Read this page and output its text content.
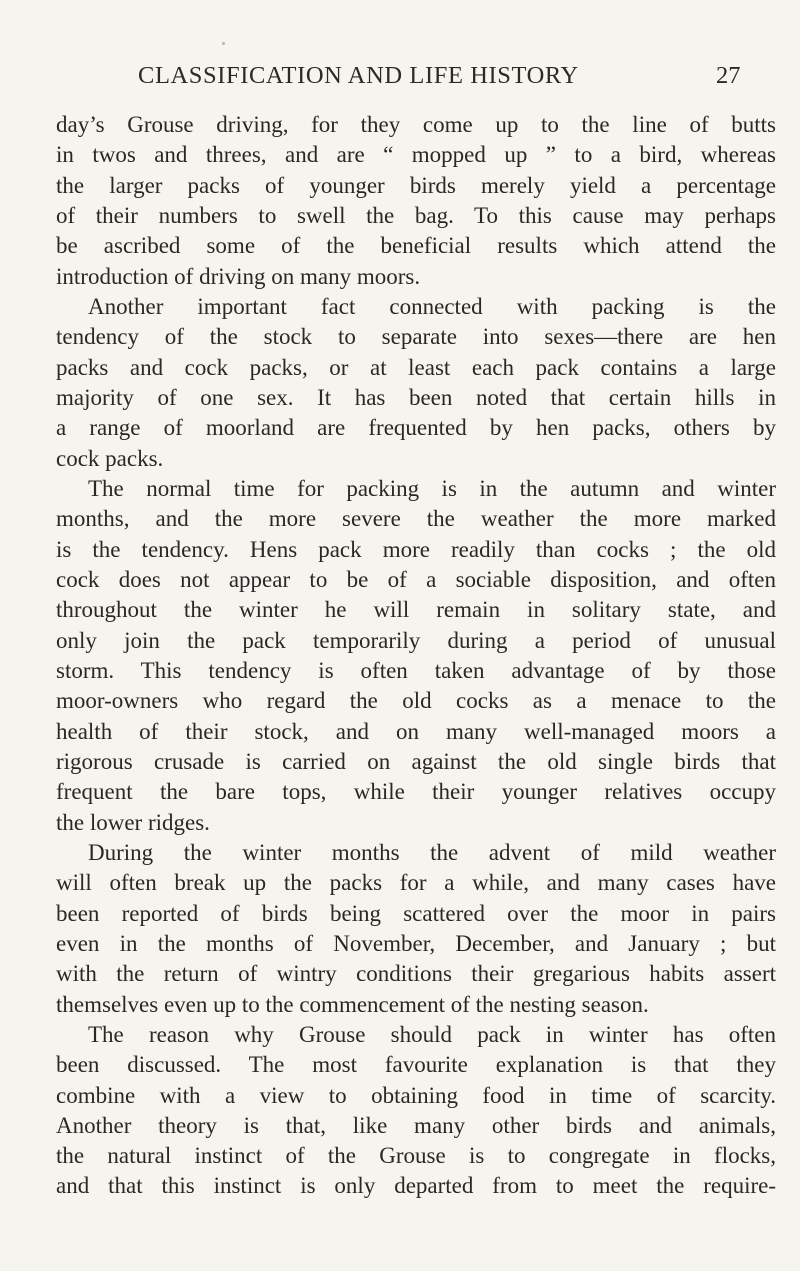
CLASSIFICATION AND LIFE HISTORY	27
day’s Grouse driving, for they come up to the line of butts
in twos and threes, and are “ mopped up ” to a bird, whereas
the larger packs of younger birds merely yield a percentage
of their numbers to swell the bag. To this cause may perhaps
be ascribed some of the beneficial results which attend the
introduction of driving on many moors.
Another important fact connected with packing is the
tendency of the stock to separate into sexes—there are hen
packs and cock packs, or at least each pack contains a large
majority of one sex. It has been noted that certain hills in
a range of moorland are frequented by hen packs, others by
cock packs.
The normal time for packing is in the autumn and winter
months, and the more severe the weather the more marked
is the tendency. Hens pack more readily than cocks ; the old
cock does not appear to be of a sociable disposition, and often
throughout the winter he will remain in solitary state, and
only join the pack temporarily during a period of unusual
storm. This tendency is often taken advantage of by those
moor-owners who regard the old cocks as a menace to the
health of their stock, and on many well-managed moors a
rigorous crusade is carried on against the old single birds that
frequent the bare tops, while their younger relatives occupy
the lower ridges.
During the winter months the advent of mild weather
will often break up the packs for a while, and many cases have
been reported of birds being scattered over the moor in pairs
even in the months of November, December, and January ; but
with the return of wintry conditions their gregarious habits assert
themselves even up to the commencement of the nesting season.
The reason why Grouse should pack in winter has often
been discussed. The most favourite explanation is that they
combine with a view to obtaining food in time of scarcity.
Another theory is that, like many other birds and animals,
the natural instinct of the Grouse is to congregate in flocks,
and that this instinct is only departed from to meet the require-
